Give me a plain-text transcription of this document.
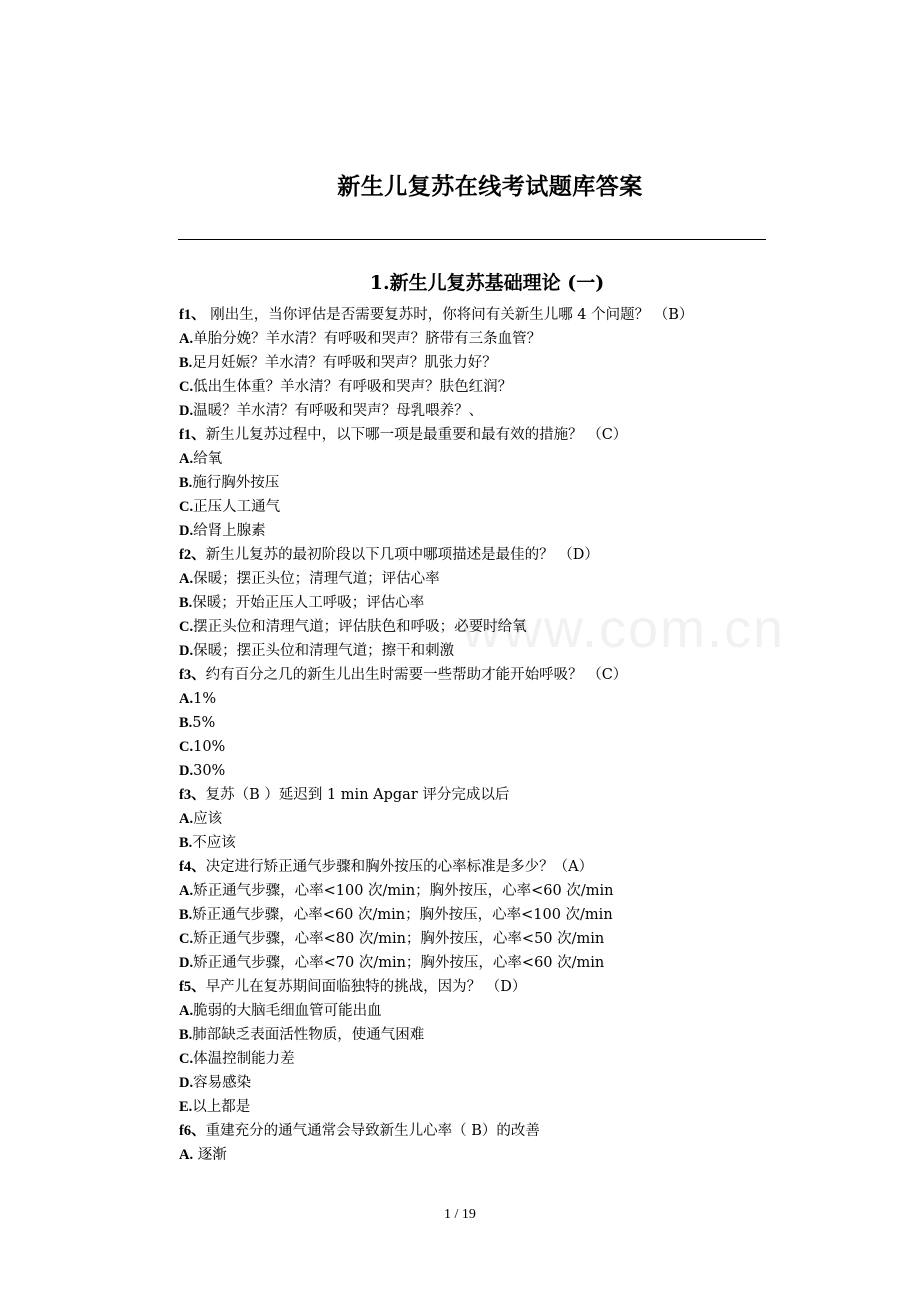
新生儿复苏在线考试题库答案
1.新生儿复苏基础理论 (一)
www.com.cn
f1、 刚出生，当你评估是否需要复苏时，你将问有关新生儿哪 4 个问题？ （B）
A.单胎分娩？羊水清？有呼吸和哭声？脐带有三条血管？
B.足月妊娠？羊水清？有呼吸和哭声？肌张力好？
C.低出生体重？羊水清？有呼吸和哭声？肤色红润？
D.温暖？羊水清？有呼吸和哭声？母乳喂养？、
f1、新生儿复苏过程中，以下哪一项是最重要和最有效的措施？ （C）
A.给氧
B.施行胸外按压
C.正压人工通气
D.给肾上腺素
f2、新生儿复苏的最初阶段以下几项中哪项描述是最佳的？ （D）
A.保暖；摆正头位；清理气道；评估心率
B.保暖；开始正压人工呼吸；评估心率
C.摆正头位和清理气道；评估肤色和呼吸；必要时给氧
D.保暖；摆正头位和清理气道；擦干和刺激
f3、约有百分之几的新生儿出生时需要一些帮助才能开始呼吸？ （C）
A.1%
B.5%
C.10%
D.30%
f3、复苏（B ）延迟到 1 min Apgar 评分完成以后
A.应该
B.不应该
f4、决定进行矫正通气步骤和胸外按压的心率标准是多少？（A）
A.矫正通气步骤，心率<100 次/min；胸外按压，心率<60 次/min
B.矫正通气步骤，心率<60 次/min；胸外按压，心率<100 次/min
C.矫正通气步骤，心率<80 次/min；胸外按压，心率<50 次/min
D.矫正通气步骤，心率<70 次/min；胸外按压，心率<60 次/min
f5、早产儿在复苏期间面临独特的挑战，因为？ （D）
A.脆弱的大脑毛细血管可能出血
B.肺部缺乏表面活性物质，使通气困难
C.体温控制能力差
D.容易感染
E.以上都是
f6、重建充分的通气通常会导致新生儿心率（ B）的改善
A. 逐渐
1 / 19
